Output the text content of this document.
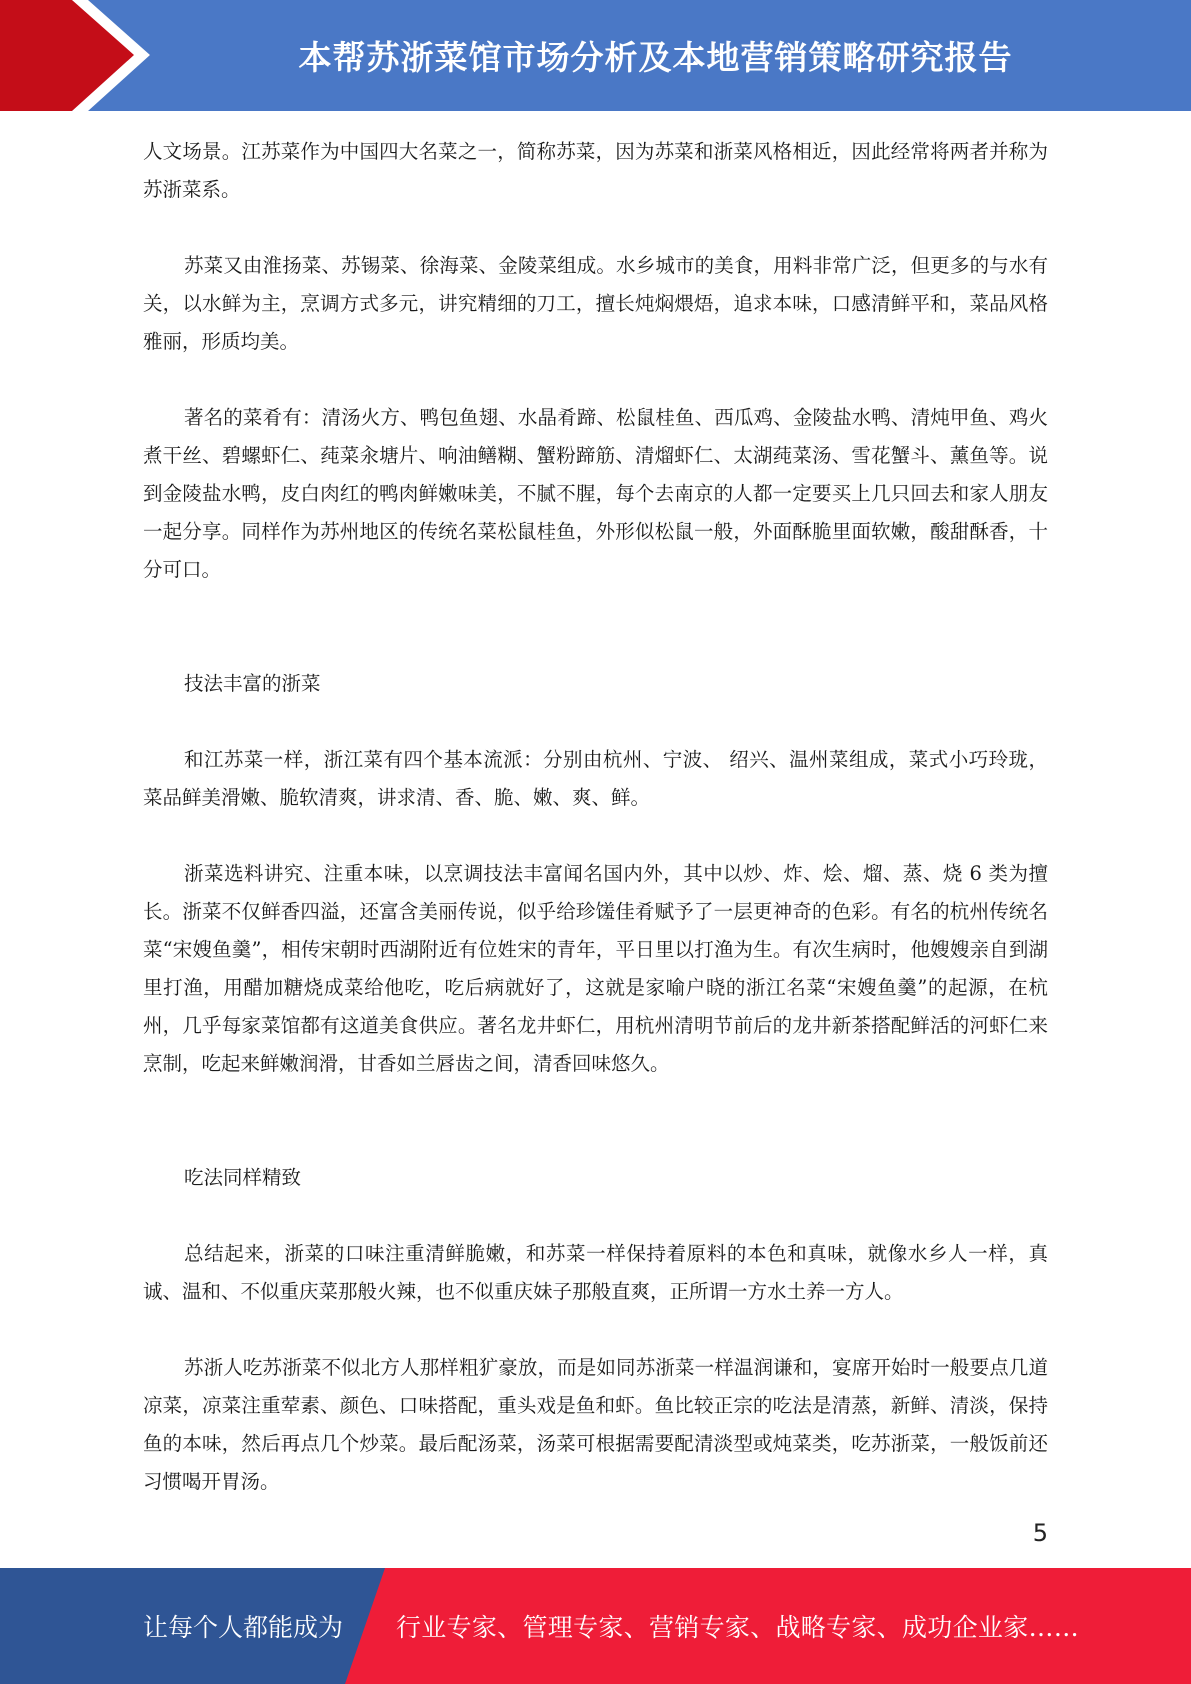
本帮苏浙菜馆市场分析及本地营销策略研究报告

人文场景。江苏菜作为中国四大名菜之一，简称苏菜，因为苏菜和浙菜风格相近，因此经常将两者并称为苏浙菜系。

苏菜又由淮扬菜、苏锡菜、徐海菜、金陵菜组成。水乡城市的美食，用料非常广泛，但更多的与水有关，以水鲜为主，烹调方式多元，讲究精细的刀工，擅长炖焖煨焐，追求本味，口感清鲜平和，菜品风格雅丽，形质均美。

著名的菜肴有：清汤火方、鸭包鱼翅、水晶肴蹄、松鼠桂鱼、西瓜鸡、金陵盐水鸭、清炖甲鱼、鸡火煮干丝、碧螺虾仁、莼菜汆塘片、响油鳝糊、蟹粉蹄筋、清熘虾仁、太湖莼菜汤、雪花蟹斗、薰鱼等。说到金陵盐水鸭，皮白肉红的鸭肉鲜嫩味美，不腻不腥，每个去南京的人都一定要买上几只回去和家人朋友一起分享。同样作为苏州地区的传统名菜松鼠桂鱼，外形似松鼠一般，外面酥脆里面软嫩，酸甜酥香，十分可口。

技法丰富的浙菜

和江苏菜一样，浙江菜有四个基本流派：分别由杭州、宁波、 绍兴、温州菜组成，菜式小巧玲珑，菜品鲜美滑嫩、脆软清爽，讲求清、香、脆、嫩、爽、鲜。

浙菜选料讲究、注重本味，以烹调技法丰富闻名国内外，其中以炒、炸、烩、熘、蒸、烧 6 类为擅长。浙菜不仅鲜香四溢，还富含美丽传说，似乎给珍馐佳肴赋予了一层更神奇的色彩。有名的杭州传统名菜“宋嫂鱼羹”，相传宋朝时西湖附近有位姓宋的青年，平日里以打渔为生。有次生病时，他嫂嫂亲自到湖里打渔，用醋加糖烧成菜给他吃，吃后病就好了，这就是家喻户晓的浙江名菜“宋嫂鱼羹”的起源，在杭州，几乎每家菜馆都有这道美食供应。著名龙井虾仁，用杭州清明节前后的龙井新茶搭配鲜活的河虾仁来烹制，吃起来鲜嫩润滑，甘香如兰唇齿之间，清香回味悠久。

吃法同样精致

总结起来，浙菜的口味注重清鲜脆嫩，和苏菜一样保持着原料的本色和真味，就像水乡人一样，真诚、温和、不似重庆菜那般火辣，也不似重庆妹子那般直爽，正所谓一方水土养一方人。

苏浙人吃苏浙菜不似北方人那样粗犷豪放，而是如同苏浙菜一样温润谦和，宴席开始时一般要点几道凉菜，凉菜注重荤素、颜色、口味搭配，重头戏是鱼和虾。鱼比较正宗的吃法是清蒸，新鲜、清淡，保持鱼的本味，然后再点几个炒菜。最后配汤菜，汤菜可根据需要配清淡型或炖菜类，吃苏浙菜，一般饭前还习惯喝开胃汤。

5
让每个人都能成为 行业专家、管理专家、营销专家、战略专家、成功企业家……
